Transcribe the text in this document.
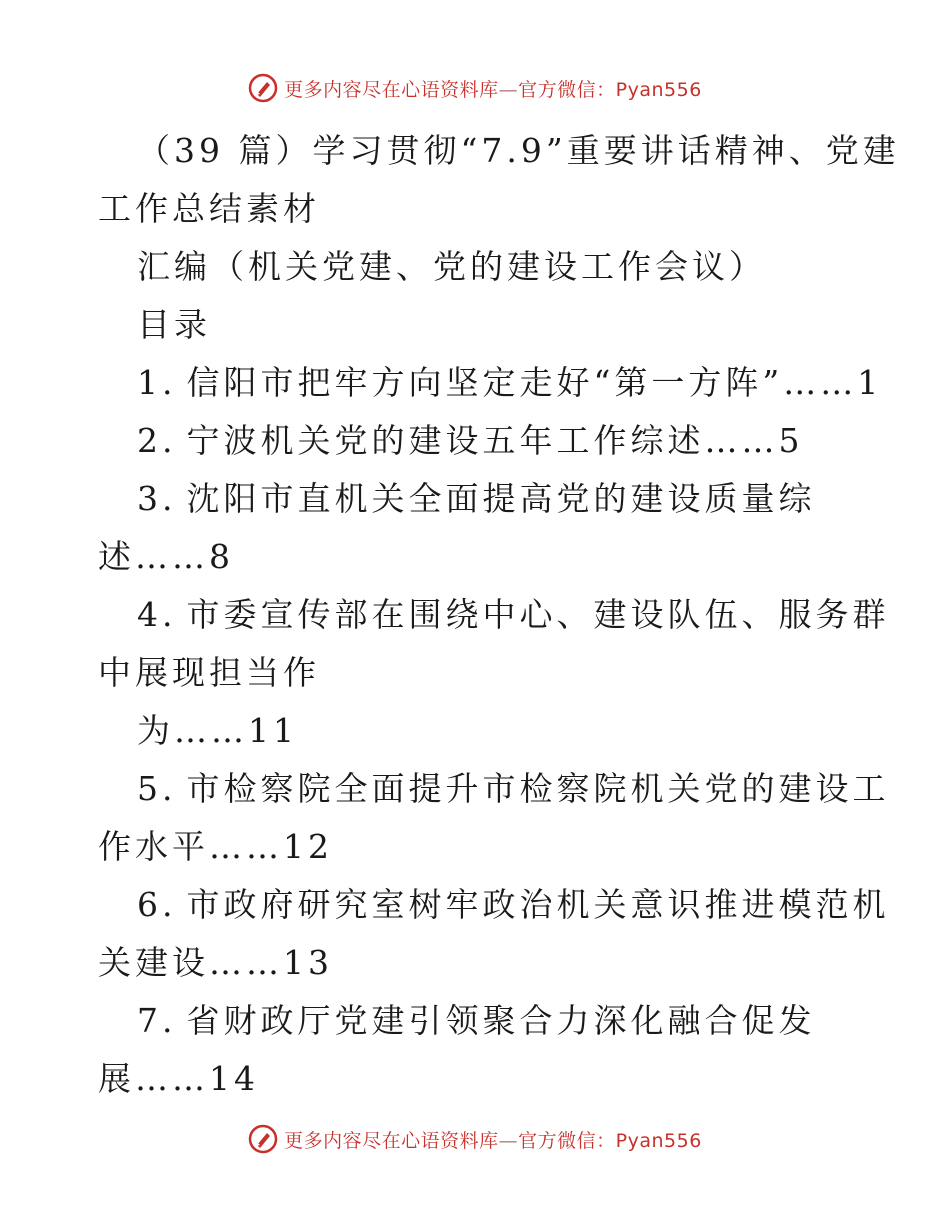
更多内容尽在心语资料库—官方微信：Pyan556
（39 篇）学习贯彻“7.9”重要讲话精神、党建
工作总结素材
汇编（机关党建、党的建设工作会议）
目录
1. 信阳市把牢方向坚定走好“第一方阵”……1
2. 宁波机关党的建设五年工作综述……5
3. 沈阳市直机关全面提高党的建设质量综
述……8
4. 市委宣传部在围绕中心、建设队伍、服务群
中展现担当作
为……11
5. 市检察院全面提升市检察院机关党的建设工
作水平……12
6. 市政府研究室树牢政治机关意识推进模范机
关建设……13
7. 省财政厅党建引领聚合力深化融合促发
展……14
更多内容尽在心语资料库—官方微信：Pyan556
